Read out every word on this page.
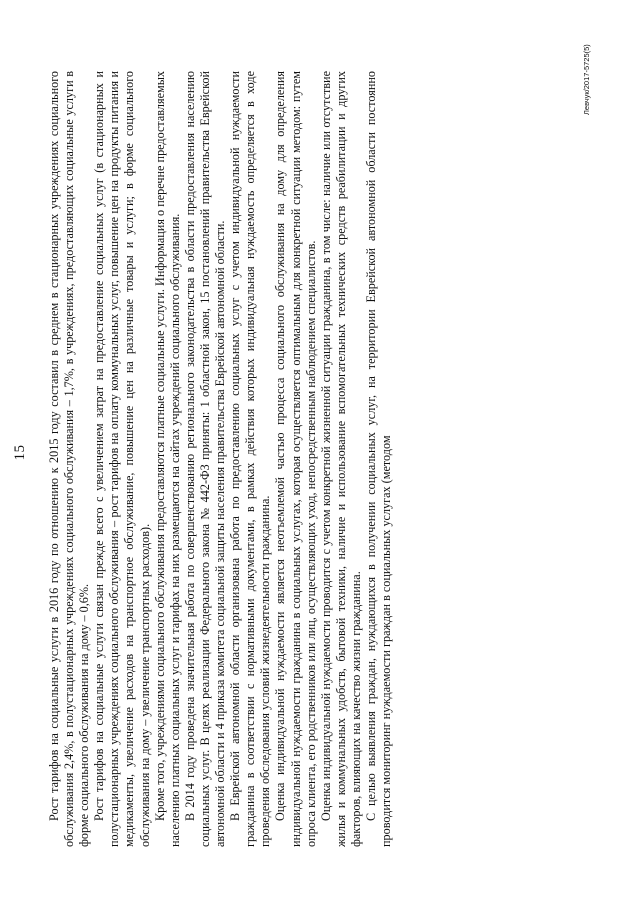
15 Рост тарифов на социальные услуги в 2016 году по отношению к 2015 году составил в среднем в стационарных учреждениях социального обслуживания 2,4%, в полустационарных учреждениях социального обслуживания – 1,7%, в учреждениях, предоставляющих социальные услуги в форме социального обслуживания на дому – 0,6%. Рост тарифов на социальные услуги связан прежде всего с увеличением затрат на предоставление социальных услуг (в стационарных и полустационарных учреждениях социального обслуживания – рост тарифов на оплату коммунальных услуг, повышение цен на продукты питания и медикаменты, увеличение расходов на транспортное обслуживание, повышение цен на различные товары и услуги; в форме социального обслуживания на дому – увеличение транспортных расходов). Кроме того, учреждениями социального обслуживания предоставляются платные социальные услуги. Информация о перечне предоставляемых населению платных социальных услуг и тарифах на них размещаются на сайтах учреждений социального обслуживания. В 2014 году проведена значительная работа по совершенствованию регионального законодательства в области предоставления населению социальных услуг. В целях реализации Федерального закона № 442-ФЗ приняты: 1 областной закон, 15 постановлений правительства Еврейской автономной области и 4 приказа комитета социальной защиты населения правительства Еврейской автономной области. В Еврейской автономной области организована работа по предоставлению социальных услуг с учетом индивидуальной нуждаемости гражданина в соответствии с нормативными документами, в рамках действия которых индивидуальная нуждаемость определяется в ходе проведения обследования условий жизнедеятельности гражданина. Оценка индивидуальной нуждаемости является неотъемлемой частью процесса социального обслуживания на дому для определения индивидуальной нуждаемости гражданина в социальных услугах, которая осуществляется оптимальным для конкретной ситуации методом: путем опроса клиента, его родственников или лиц, осуществляющих уход, непосредственным наблюдением специалистов. Оценка индивидуальной нуждаемости проводится с учетом конкретной жизненной ситуации гражданина, в том числе: наличие или отсутствие жилья и коммунальных удобств, бытовой техники, наличие и использование вспомогательных технических средств реабилитации и других факторов, влияющих на качество жизни гражданина. С целью выявления граждан, нуждающихся в получении социальных услуг, на территории Еврейской автономной области постоянно проводится мониторинг нуждаемости граждан в социальных услугах (методом

Левчук/2017-5725(5)
